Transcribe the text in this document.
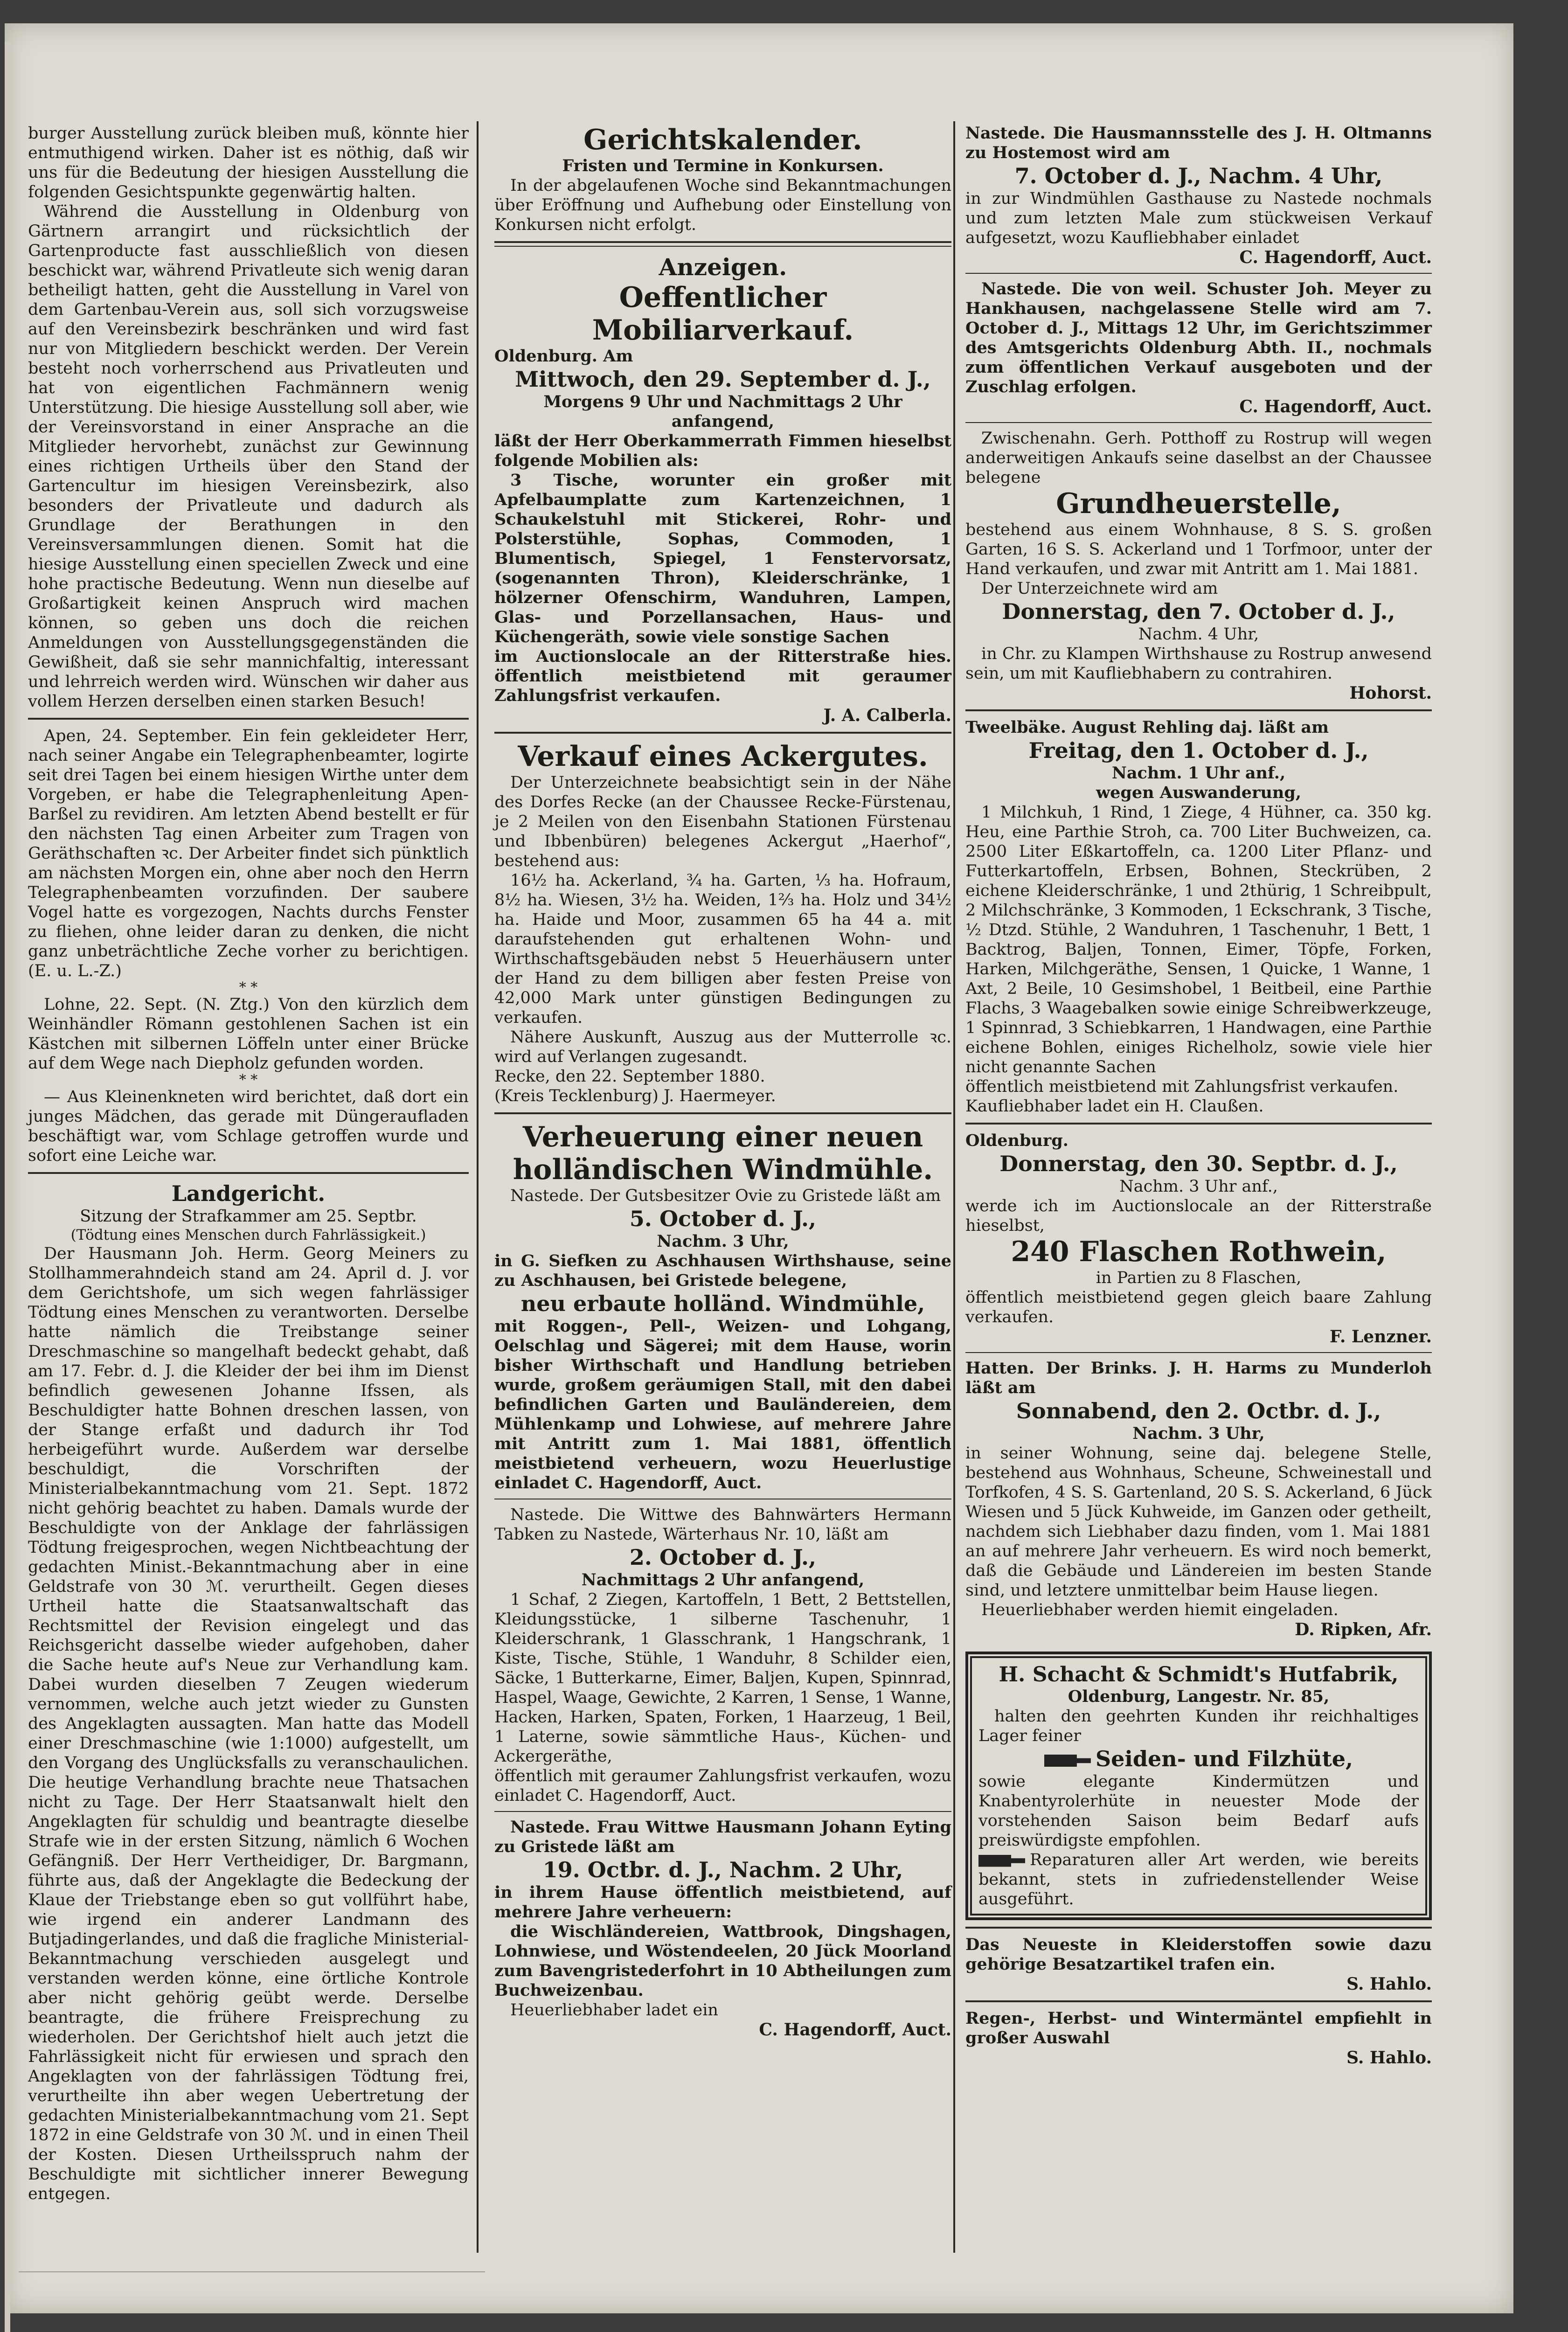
burger Ausstellung zurück bleiben muß, könnte hier entmuthigend wirken. Daher ist es nöthig, daß wir uns für die Bedeutung der hiesigen Ausstellung die folgenden Gesichtspunkte gegenwärtig halten.

Während die Ausstellung in Oldenburg von Gärtnern arrangirt und rücksichtlich der Gartenproducte fast ausschließlich von diesen beschickt war, während Privatleute sich wenig daran betheiligt hatten, geht die Ausstellung in Varel von dem Gartenbau-Verein aus, soll sich vorzugsweise auf den Vereinsbezirk beschränken und wird fast nur von Mitgliedern beschickt werden. Der Verein besteht noch vorherrschend aus Privatleuten und hat von eigentlichen Fachmännern wenig Unterstützung. Die hiesige Ausstellung soll aber, wie der Vereinsvorstand in einer Ansprache an die Mitglieder hervorhebt, zunächst zur Gewinnung eines richtigen Urtheils über den Stand der Gartencultur im hiesigen Vereinsbezirk, also besonders der Privatleute und dadurch als Grundlage der Berathungen in den Vereinsversammlungen dienen. Somit hat die hiesige Ausstellung einen speciellen Zweck und eine hohe practische Bedeutung. Wenn nun dieselbe auf Großartigkeit keinen Anspruch wird machen können, so geben uns doch die reichen Anmeldungen von Ausstellungsgegenständen die Gewißheit, daß sie sehr mannichfaltig, interessant und lehrreich werden wird. Wünschen wir daher aus vollem Herzen derselben einen starken Besuch!

Apen, 24. September. Ein fein gekleideter Herr, nach seiner Angabe ein Telegraphenbeamter, logirte seit drei Tagen bei einem hiesigen Wirthe unter dem Vorgeben, er habe die Telegraphenleitung Apen-Barßel zu revidiren. Am letzten Abend bestellt er für den nächsten Tag einen Arbeiter zum Tragen von Geräthschaften ꝛc. Der Arbeiter findet sich pünktlich am nächsten Morgen ein, ohne aber noch den Herrn Telegraphenbeamten vorzufinden. Der saubere Vogel hatte es vorgezogen, Nachts durchs Fenster zu fliehen, ohne leider daran zu denken, die nicht ganz unbeträchtliche Zeche vorher zu berichtigen. (E. u. L.-Z.)

* *

Lohne, 22. Sept. (N. Ztg.) Von den kürzlich dem Weinhändler Römann gestohlenen Sachen ist ein Kästchen mit silbernen Löffeln unter einer Brücke auf dem Wege nach Diepholz gefunden worden.

* *

— Aus Kleinenkneten wird berichtet, daß dort ein junges Mädchen, das gerade mit Düngeraufladen beschäftigt war, vom Schlage getroffen wurde und sofort eine Leiche war.

Landgericht.

Sitzung der Strafkammer am 25. Septbr.

(Tödtung eines Menschen durch Fahrlässigkeit.)

Der Hausmann Joh. Herm. Georg Meiners zu Stollhammerahndeich stand am 24. April d. J. vor dem Gerichtshofe, um sich wegen fahrlässiger Tödtung eines Menschen zu verantworten. Derselbe hatte nämlich die Treibstange seiner Dreschmaschine so mangelhaft bedeckt gehabt, daß am 17. Febr. d. J. die Kleider der bei ihm im Dienst befindlich gewesenen Johanne Ifssen, als Beschuldigter hatte Bohnen dreschen lassen, von der Stange erfaßt und dadurch ihr Tod herbeigeführt wurde. Außerdem war derselbe beschuldigt, die Vorschriften der Ministerialbekanntmachung vom 21. Sept. 1872 nicht gehörig beachtet zu haben. Damals wurde der Beschuldigte von der Anklage der fahrlässigen Tödtung freigesprochen, wegen Nichtbeachtung der gedachten Minist.-Bekanntmachung aber in eine Geldstrafe von 30 ℳ. verurtheilt. Gegen dieses Urtheil hatte die Staatsanwaltschaft das Rechtsmittel der Revision eingelegt und das Reichsgericht dasselbe wieder aufgehoben, daher die Sache heute auf's Neue zur Verhandlung kam. Dabei wurden dieselben 7 Zeugen wiederum vernommen, welche auch jetzt wieder zu Gunsten des Angeklagten aussagten. Man hatte das Modell einer Dreschmaschine (wie 1:1000) aufgestellt, um den Vorgang des Unglücksfalls zu veranschaulichen. Die heutige Verhandlung brachte neue Thatsachen nicht zu Tage. Der Herr Staatsanwalt hielt den Angeklagten für schuldig und beantragte dieselbe Strafe wie in der ersten Sitzung, nämlich 6 Wochen Gefängniß. Der Herr Vertheidiger, Dr. Bargmann, führte aus, daß der Angeklagte die Bedeckung der Klaue der Triebstange eben so gut vollführt habe, wie irgend ein anderer Landmann des Butjadingerlandes, und daß die fragliche Ministerial-Bekanntmachung verschieden ausgelegt und verstanden werden könne, eine örtliche Kontrole aber nicht gehörig geübt werde. Derselbe beantragte, die frühere Freisprechung zu wiederholen. Der Gerichtshof hielt auch jetzt die Fahrlässigkeit nicht für erwiesen und sprach den Angeklagten von der fahrlässigen Tödtung frei, verurtheilte ihn aber wegen Uebertretung der gedachten Ministerialbekanntmachung vom 21. Sept 1872 in eine Geldstrafe von 30 ℳ. und in einen Theil der Kosten. Diesen Urtheilsspruch nahm der Beschuldigte mit sichtlicher innerer Bewegung entgegen.

Gerichtskalender.

Fristen und Termine in Konkursen.

In der abgelaufenen Woche sind Bekanntmachungen über Eröffnung und Aufhebung oder Einstellung von Konkursen nicht erfolgt.

Anzeigen.

Oeffentlicher Mobiliarverkauf.

Oldenburg. Am

Mittwoch, den 29. September d. J.,

Morgens 9 Uhr und Nachmittags 2 Uhr anfangend,

läßt der Herr Oberkammerrath Fimmen hieselbst folgende Mobilien als:

3 Tische, worunter ein großer mit Apfelbaumplatte zum Kartenzeichnen, 1 Schaukelstuhl mit Stickerei, Rohr- und Polsterstühle, Sophas, Commoden, 1 Blumentisch, Spiegel, 1 Fenstervorsatz, (sogenannten Thron), Kleiderschränke, 1 hölzerner Ofenschirm, Wanduhren, Lampen, Glas- und Porzellansachen, Haus- und Küchengeräth, sowie viele sonstige Sachen

im Auctionslocale an der Ritterstraße hies. öffentlich meistbietend mit geraumer Zahlungsfrist verkaufen.

J. A. Calberla.

Verkauf eines Ackergutes.

Der Unterzeichnete beabsichtigt sein in der Nähe des Dorfes Recke (an der Chaussee Recke-Fürstenau, je 2 Meilen von den Eisenbahn Stationen Fürstenau und Ibbenbüren) belegenes Ackergut „Haerhof“, bestehend aus:

16½ ha. Ackerland, ¾ ha. Garten, ⅓ ha. Hofraum, 8½ ha. Wiesen, 3½ ha. Weiden, 1⅔ ha. Holz und 34½ ha. Haide und Moor, zusammen 65 ha 44 a. mit daraufstehenden gut erhaltenen Wohn- und Wirthschaftsgebäuden nebst 5 Heuerhäusern unter der Hand zu dem billigen aber festen Preise von 42,000 Mark unter günstigen Bedingungen zu verkaufen.

Nähere Auskunft, Auszug aus der Mutterrolle ꝛc. wird auf Verlangen zugesandt.

Recke, den 22. September 1880.

(Kreis Tecklenburg) J. Haermeyer.

Verheuerung einer neuen holländischen Windmühle.

Nastede. Der Gutsbesitzer Ovie zu Gristede läßt am

5. October d. J.,

Nachm. 3 Uhr,

in G. Siefken zu Aschhausen Wirthshause, seine zu Aschhausen, bei Gristede belegene,

neu erbaute holländ. Windmühle,

mit Roggen-, Pell-, Weizen- und Lohgang, Oelschlag und Sägerei; mit dem Hause, worin bisher Wirthschaft und Handlung betrieben wurde, großem geräumigen Stall, mit den dabei befindlichen Garten und Bauländereien, dem Mühlenkamp und Lohwiese, auf mehrere Jahre mit Antritt zum 1. Mai 1881, öffentlich meistbietend verheuern, wozu Heuerlustige einladet C. Hagendorff, Auct.

Nastede. Die Wittwe des Bahnwärters Hermann Tabken zu Nastede, Wärterhaus Nr. 10, läßt am

2. October d. J.,

Nachmittags 2 Uhr anfangend,

1 Schaf, 2 Ziegen, Kartoffeln, 1 Bett, 2 Bettstellen, Kleidungsstücke, 1 silberne Taschenuhr, 1 Kleiderschrank, 1 Glasschrank, 1 Hangschrank, 1 Kiste, Tische, Stühle, 1 Wanduhr, 8 Schilder eien, Säcke, 1 Butterkarne, Eimer, Baljen, Kupen, Spinnrad, Haspel, Waage, Gewichte, 2 Karren, 1 Sense, 1 Wanne, Hacken, Harken, Spaten, Forken, 1 Haarzeug, 1 Beil, 1 Laterne, sowie sämmtliche Haus-, Küchen- und Ackergeräthe,

öffentlich mit geraumer Zahlungsfrist verkaufen, wozu einladet C. Hagendorff, Auct.

Nastede. Frau Wittwe Hausmann Johann Eyting zu Gristede läßt am

19. Octbr. d. J., Nachm. 2 Uhr,

in ihrem Hause öffentlich meistbietend, auf mehrere Jahre verheuern:

die Wischländereien, Wattbrook, Dingshagen, Lohnwiese, und Wöstendeelen, 20 Jück Moorland zum Bavengristederfohrt in 10 Abtheilungen zum Buchweizenbau.

Heuerliebhaber ladet ein

C. Hagendorff, Auct.

Nastede. Die Hausmannsstelle des J. H. Oltmanns zu Hostemost wird am

7. October d. J., Nachm. 4 Uhr,

in zur Windmühlen Gasthause zu Nastede nochmals und zum letzten Male zum stückweisen Verkauf aufgesetzt, wozu Kaufliebhaber einladet

C. Hagendorff, Auct.

Nastede. Die von weil. Schuster Joh. Meyer zu Hankhausen, nachgelassene Stelle wird am 7. October d. J., Mittags 12 Uhr, im Gerichtszimmer des Amtsgerichts Oldenburg Abth. II., nochmals zum öffentlichen Verkauf ausgeboten und der Zuschlag erfolgen.

C. Hagendorff, Auct.

Zwischenahn. Gerh. Potthoff zu Rostrup will wegen anderweitigen Ankaufs seine daselbst an der Chaussee belegene

Grundheuerstelle,

bestehend aus einem Wohnhause, 8 S. S. großen Garten, 16 S. S. Ackerland und 1 Torfmoor, unter der Hand verkaufen, und zwar mit Antritt am 1. Mai 1881.

Der Unterzeichnete wird am

Donnerstag, den 7. October d. J.,

Nachm. 4 Uhr,

in Chr. zu Klampen Wirthshause zu Rostrup anwesend sein, um mit Kaufliebhabern zu contrahiren.

Hohorst.

Tweelbäke. August Rehling daj. läßt am

Freitag, den 1. October d. J.,

Nachm. 1 Uhr anf.,

wegen Auswanderung,

1 Milchkuh, 1 Rind, 1 Ziege, 4 Hühner, ca. 350 kg. Heu, eine Parthie Stroh, ca. 700 Liter Buchweizen, ca. 2500 Liter Eßkartoffeln, ca. 1200 Liter Pflanz- und Futterkartoffeln, Erbsen, Bohnen, Steckrüben, 2 eichene Kleiderschränke, 1 und 2thürig, 1 Schreibpult, 2 Milchschränke, 3 Kommoden, 1 Eckschrank, 3 Tische, ½ Dtzd. Stühle, 2 Wanduhren, 1 Taschenuhr, 1 Bett, 1 Backtrog, Baljen, Tonnen, Eimer, Töpfe, Forken, Harken, Milchgeräthe, Sensen, 1 Quicke, 1 Wanne, 1 Axt, 2 Beile, 10 Gesimshobel, 1 Beitbeil, eine Parthie Flachs, 3 Waagebalken sowie einige Schreibwerkzeuge, 1 Spinnrad, 3 Schiebkarren, 1 Handwagen, eine Parthie eichene Bohlen, einiges Richelholz, sowie viele hier nicht genannte Sachen

öffentlich meistbietend mit Zahlungsfrist verkaufen.

Kaufliebhaber ladet ein H. Claußen.

Oldenburg.

Donnerstag, den 30. Septbr. d. J.,

Nachm. 3 Uhr anf.,

werde ich im Auctionslocale an der Ritterstraße hieselbst,

240 Flaschen Rothwein,

in Partien zu 8 Flaschen,

öffentlich meistbietend gegen gleich baare Zahlung verkaufen.

F. Lenzner.

Hatten. Der Brinks. J. H. Harms zu Munderloh läßt am

Sonnabend, den 2. Octbr. d. J.,

Nachm. 3 Uhr,

in seiner Wohnung, seine daj. belegene Stelle, bestehend aus Wohnhaus, Scheune, Schweinestall und Torfkofen, 4 S. S. Gartenland, 20 S. S. Ackerland, 6 Jück Wiesen und 5 Jück Kuhweide, im Ganzen oder getheilt, nachdem sich Liebhaber dazu finden, vom 1. Mai 1881 an auf mehrere Jahr verheuern. Es wird noch bemerkt, daß die Gebäude und Ländereien im besten Stande sind, und letztere unmittelbar beim Hause liegen.

Heuerliebhaber werden hiemit eingeladen.

D. Ripken, Afr.

H. Schacht & Schmidt's Hutfabrik,

Oldenburg, Langestr. Nr. 85,

halten den geehrten Kunden ihr reichhaltiges Lager feiner

Seiden- und Filzhüte,

sowie elegante Kindermützen und Knabentyrolerhüte in neuester Mode der vorstehenden Saison beim Bedarf aufs preiswürdigste empfohlen.

Reparaturen aller Art werden, wie bereits bekannt, stets in zufriedenstellender Weise ausgeführt.

Das Neueste in Kleiderstoffen sowie dazu gehörige Besatzartikel trafen ein.

S. Hahlo.

Regen-, Herbst- und Wintermäntel empfiehlt in großer Auswahl

S. Hahlo.
